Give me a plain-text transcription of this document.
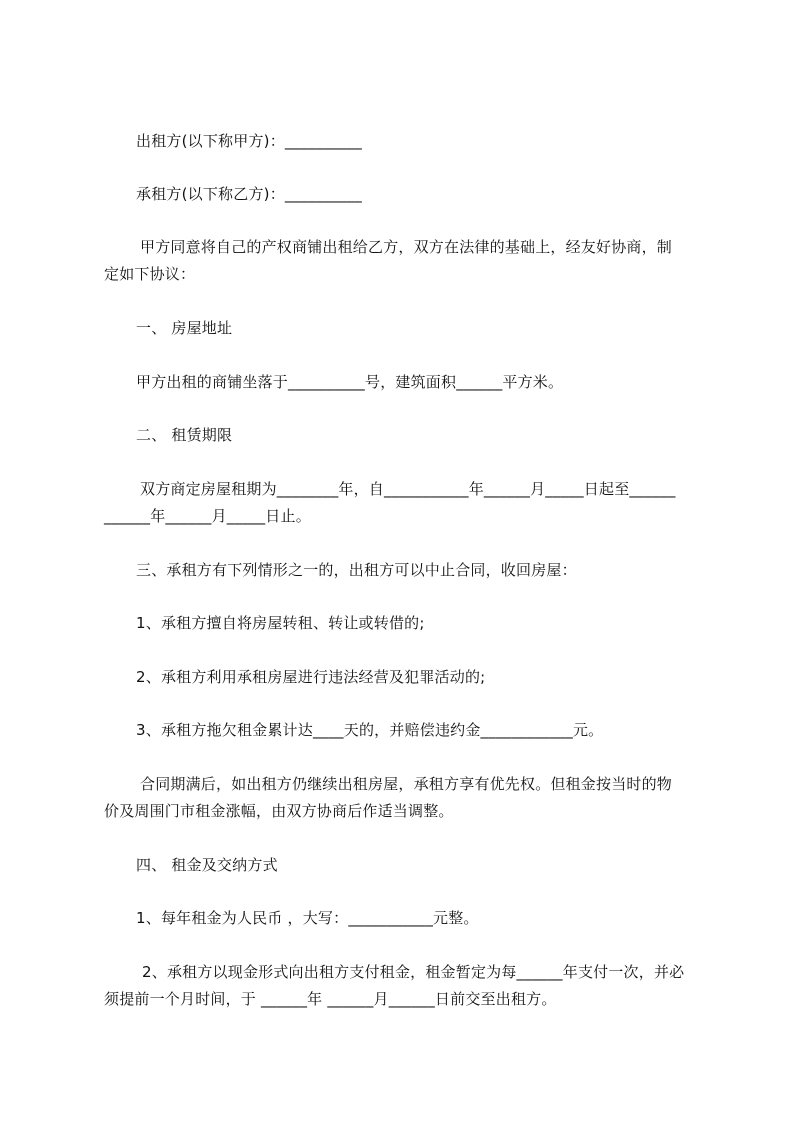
出租方(以下称甲方)：__________
承租方(以下称乙方)：__________
甲方同意将自己的产权商铺出租给乙方，双方在法律的基础上，经友好协商，制
定如下协议：
一、 房屋地址
甲方出租的商铺坐落于__________号，建筑面积______平方米。
二、 租赁期限
双方商定房屋租期为________年，自___________年______月_____日起至______
______年______月_____日止。
三、承租方有下列情形之一的，出租方可以中止合同，收回房屋：
1、承租方擅自将房屋转租、转让或转借的;
2、承租方利用承租房屋进行违法经营及犯罪活动的;
3、承租方拖欠租金累计达____天的，并赔偿违约金____________元。
合同期满后，如出租方仍继续出租房屋，承租方享有优先权。但租金按当时的物
价及周围门市租金涨幅，由双方协商后作适当调整。
四、 租金及交纳方式
1、每年租金为人民币 ，大写：___________元整。
2、承租方以现金形式向出租方支付租金，租金暂定为每______年支付一次，并必
须提前一个月时间，于 ______年 ______月______日前交至出租方。
